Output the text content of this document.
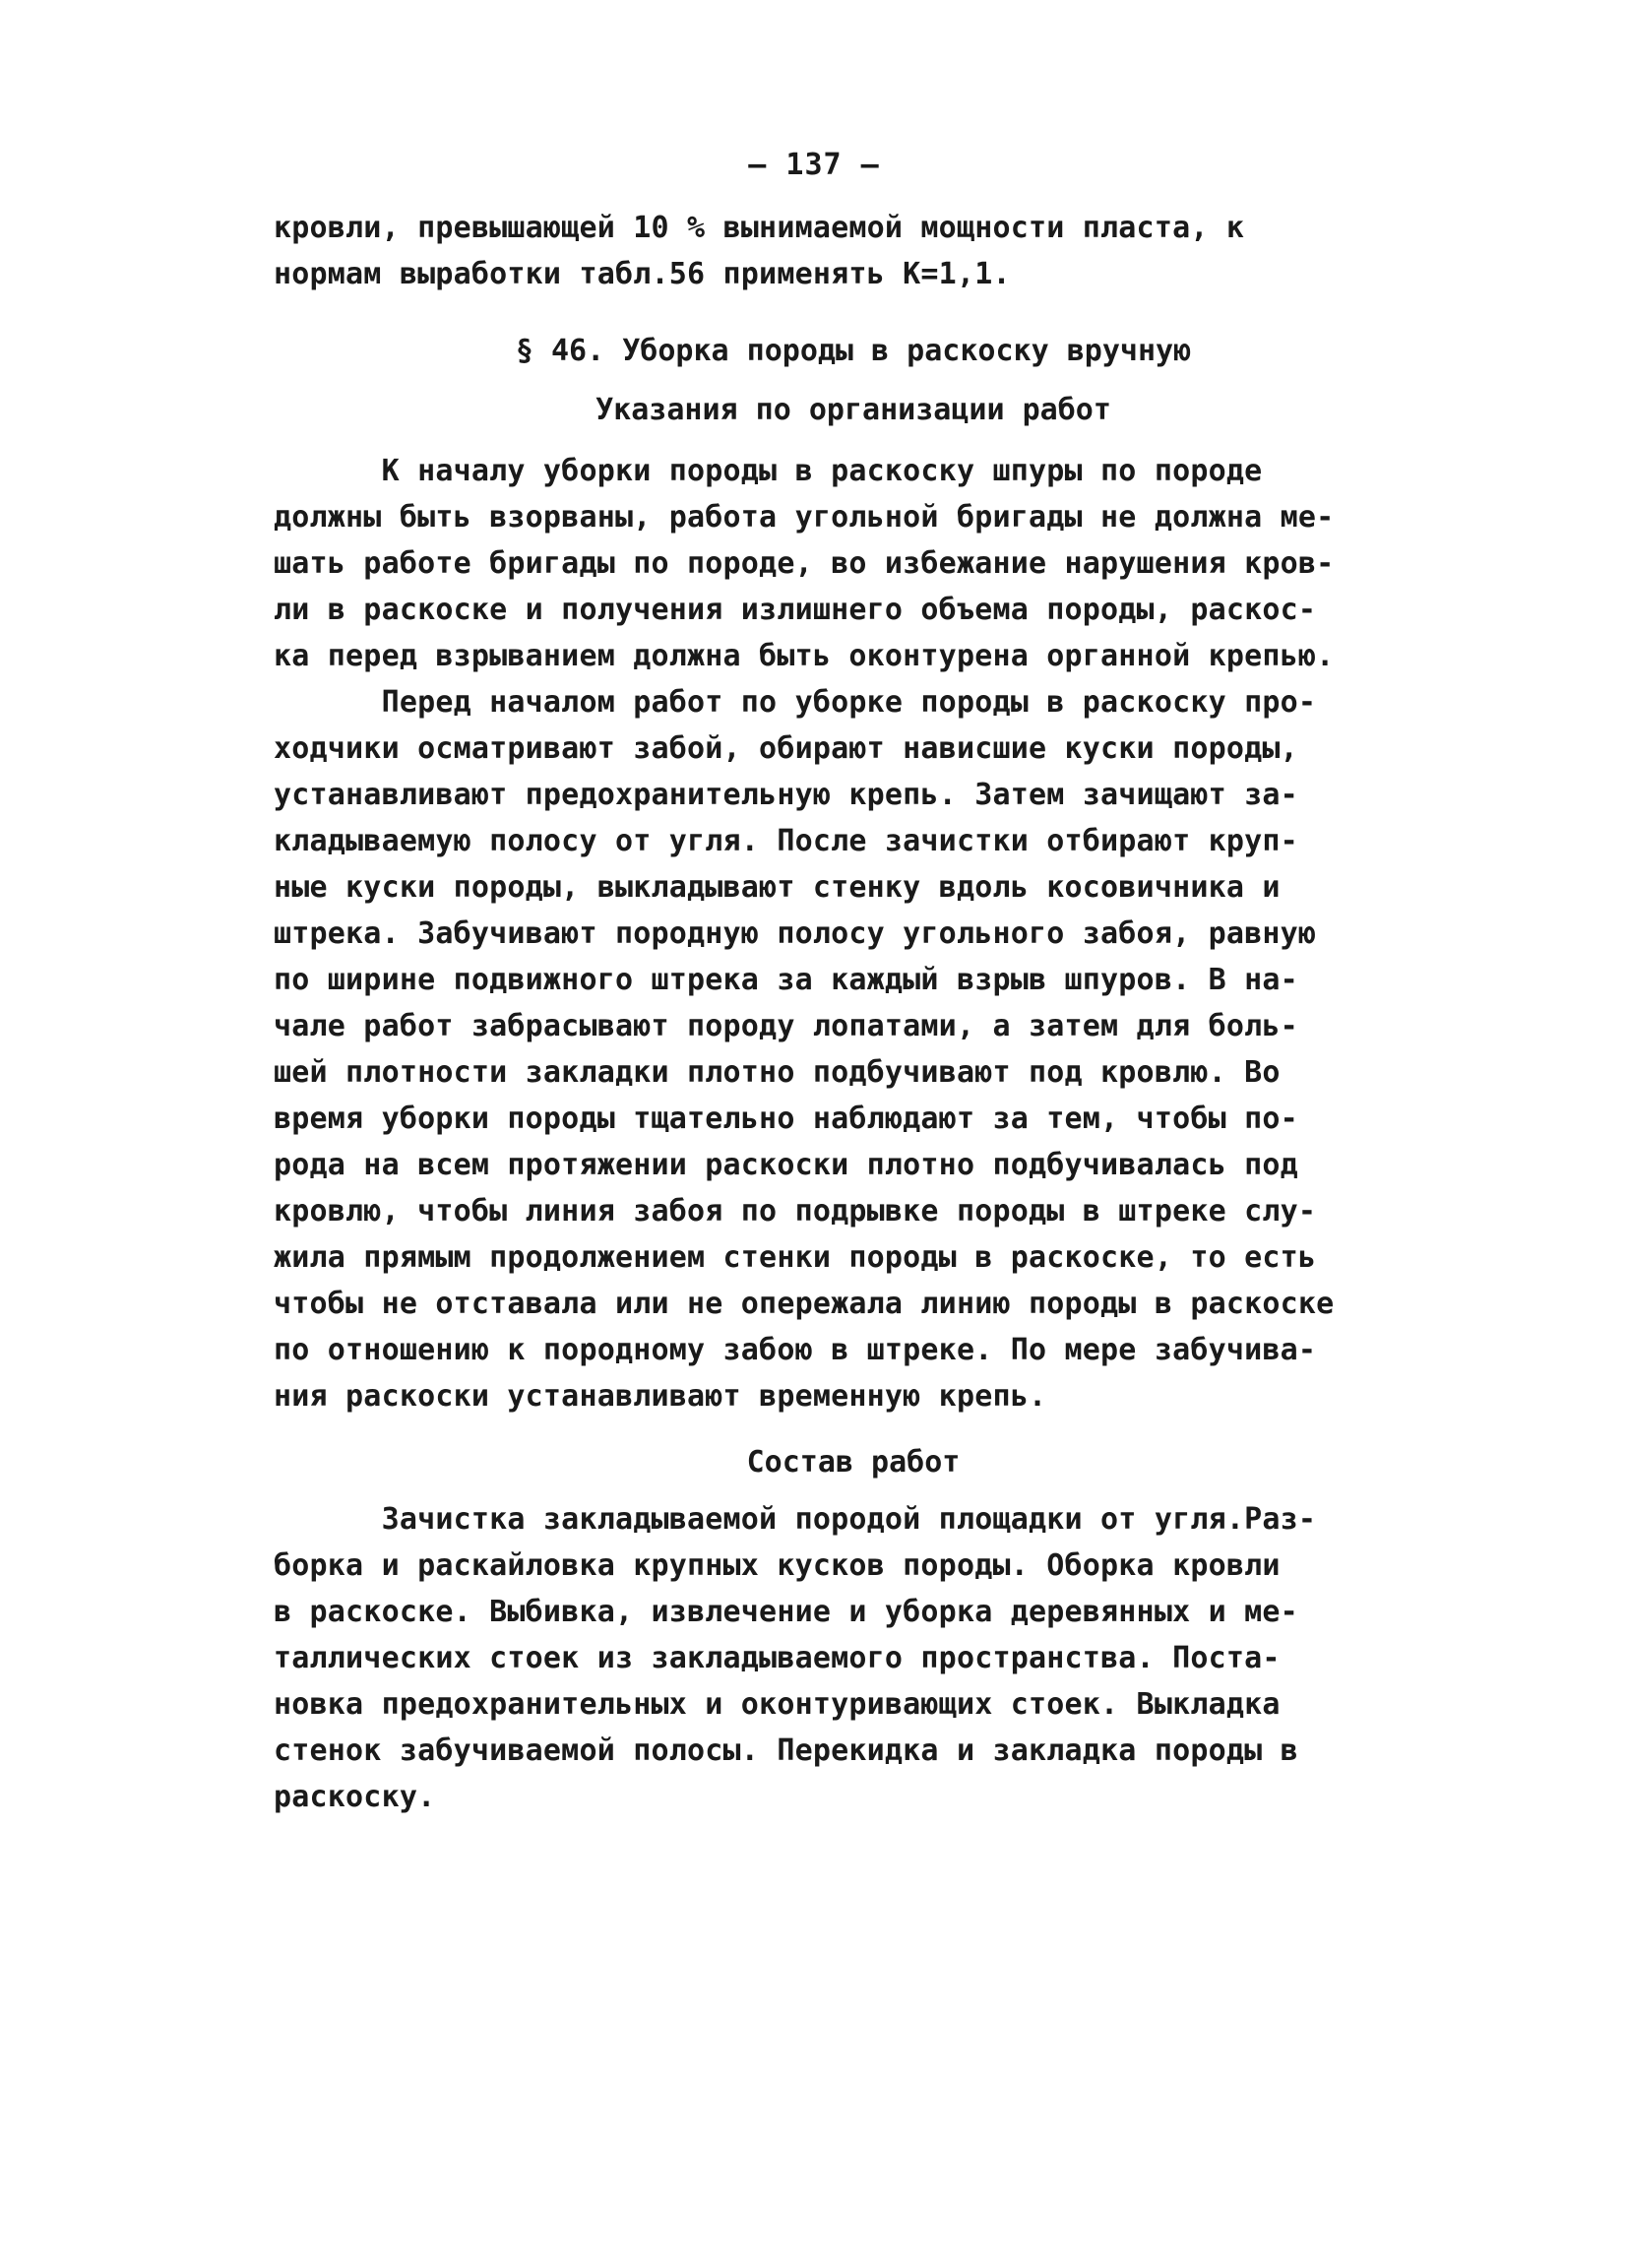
– 137 –
кровли, превышающей 10 % вынимаемой мощности пласта, к
нормам выработки табл.56 применять К=1,1.
§ 46. Уборка породы в раскоску вручную
Указания по организации работ
К началу уборки породы в раскоску шпуры по породе
должны быть взорваны, работа угольной бригады не должна ме-
шать работе бригады по породе, во избежание нарушения кров-
ли в раскоске и получения излишнего объема породы, раскос-
ка перед взрыванием должна быть оконтурена органной крепью.
Перед началом работ по уборке породы в раскоску про-
ходчики осматривают забой, обирают нависшие куски породы,
устанавливают предохранительную крепь. Затем зачищают за-
кладываемую полосу от угля. После зачистки отбирают круп-
ные куски породы, выкладывают стенку вдоль косовичника и
штрека. Забучивают породную полосу угольного забоя, равную
по ширине подвижного штрека за каждый взрыв шпуров. В на-
чале работ забрасывают породу лопатами, а затем для боль-
шей плотности закладки плотно подбучивают под кровлю. Во
время уборки породы тщательно наблюдают за тем, чтобы по-
рода на всем протяжении раскоски плотно подбучивалась под
кровлю, чтобы линия забоя по подрывке породы в штреке слу-
жила прямым продолжением стенки породы в раскоске, то есть
чтобы не отставала или не опережала линию породы в раскоске
по отношению к породному забою в штреке. По мере забучива-
ния раскоски устанавливают временную крепь.
Состав работ
Зачистка закладываемой породой площадки от угля.Раз-
борка и раскайловка крупных кусков породы. Оборка кровли
в раскоске. Выбивка, извлечение и уборка деревянных и ме-
таллических стоек из закладываемого пространства. Поста-
новка предохранительных и оконтуривающих стоек. Выкладка
стенок забучиваемой полосы. Перекидка и закладка породы в
раскоску.
